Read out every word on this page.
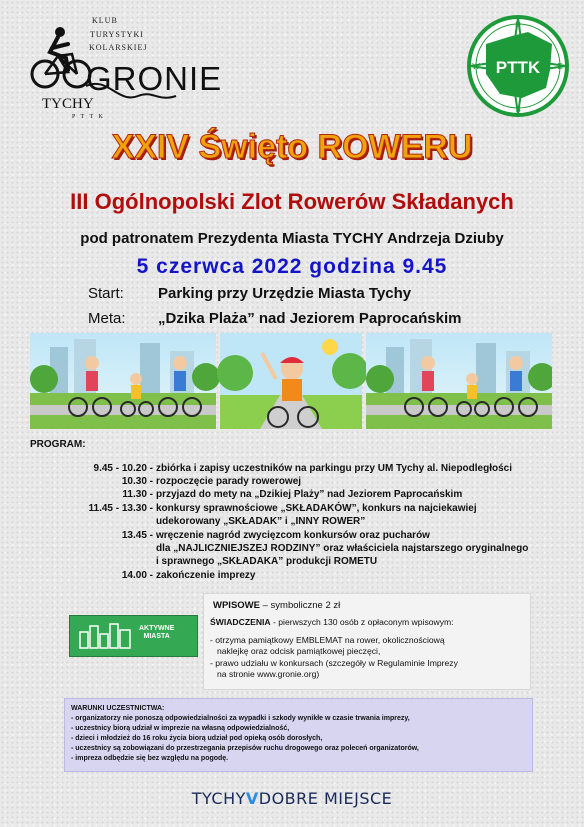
KLUB
TURYSTYKI
KOLARSKIEJ
GRONIE
TYCHY
P T T K
PTTK
N
E
S
W
XXIV Święto ROWERU
III Ogólnopolski Zlot Rowerów Składanych
pod patronatem Prezydenta Miasta TYCHY Andrzeja Dziuby
5 czerwca 2022 godzina 9.45
Start: Parking przy Urzędzie Miasta Tychy
Meta: „Dzika Plaża” nad Jeziorem Paprocańskim
PROGRAM:
9.45 - 10.20 - zbiórka i zapisy uczestników na parkingu przy UM Tychy al. Niepodległości
10.30 - rozpoczęcie parady rowerowej
11.30 - przyjazd do mety na „Dzikiej Plaży” nad Jeziorem Paprocańskim
11.45 - 13.30 - konkursy sprawnościowe „SKŁADAKÓW”, konkurs na najciekawiej
udekorowany „SKŁADAK” i „INNY ROWER”
13.45 - wręczenie nagród zwycięzcom konkursów oraz pucharów
dla „NAJLICZNIEJSZEJ RODZINY” oraz właściciela najstarszego oryginalnego
i sprawnego „SKŁADAKA” produkcji ROMETU
14.00 - zakończenie imprezy
AKTYWNE
MIASTA
WPISOWE – symboliczne 2 zł
ŚWIADCZENIA - pierwszych 130 osób z opłaconym wpisowym:
- otrzyma pamiątkowy EMBLEMAT na rower, okolicznościową
naklejkę oraz odcisk pamiątkowej pieczęci,
- prawo udziału w konkursach (szczegóły w Regulaminie Imprezy
na stronie www.gronie.org)
WARUNKI UCZESTNICTWA:
- organizatorzy nie ponoszą odpowiedzialności za wypadki i szkody wynikłe w czasie trwania imprezy,
- uczestnicy biorą udział w imprezie na własną odpowiedzialność,
- dzieci i młodzież do 16 roku życia biorą udział pod opieką osób dorosłych,
- uczestnicy są zobowiązani do przestrzegania przepisów ruchu drogowego oraz poleceń organizatorów,
- impreza odbędzie się bez względu na pogodę.
TYCHYVDOBRE MIEJSCE
